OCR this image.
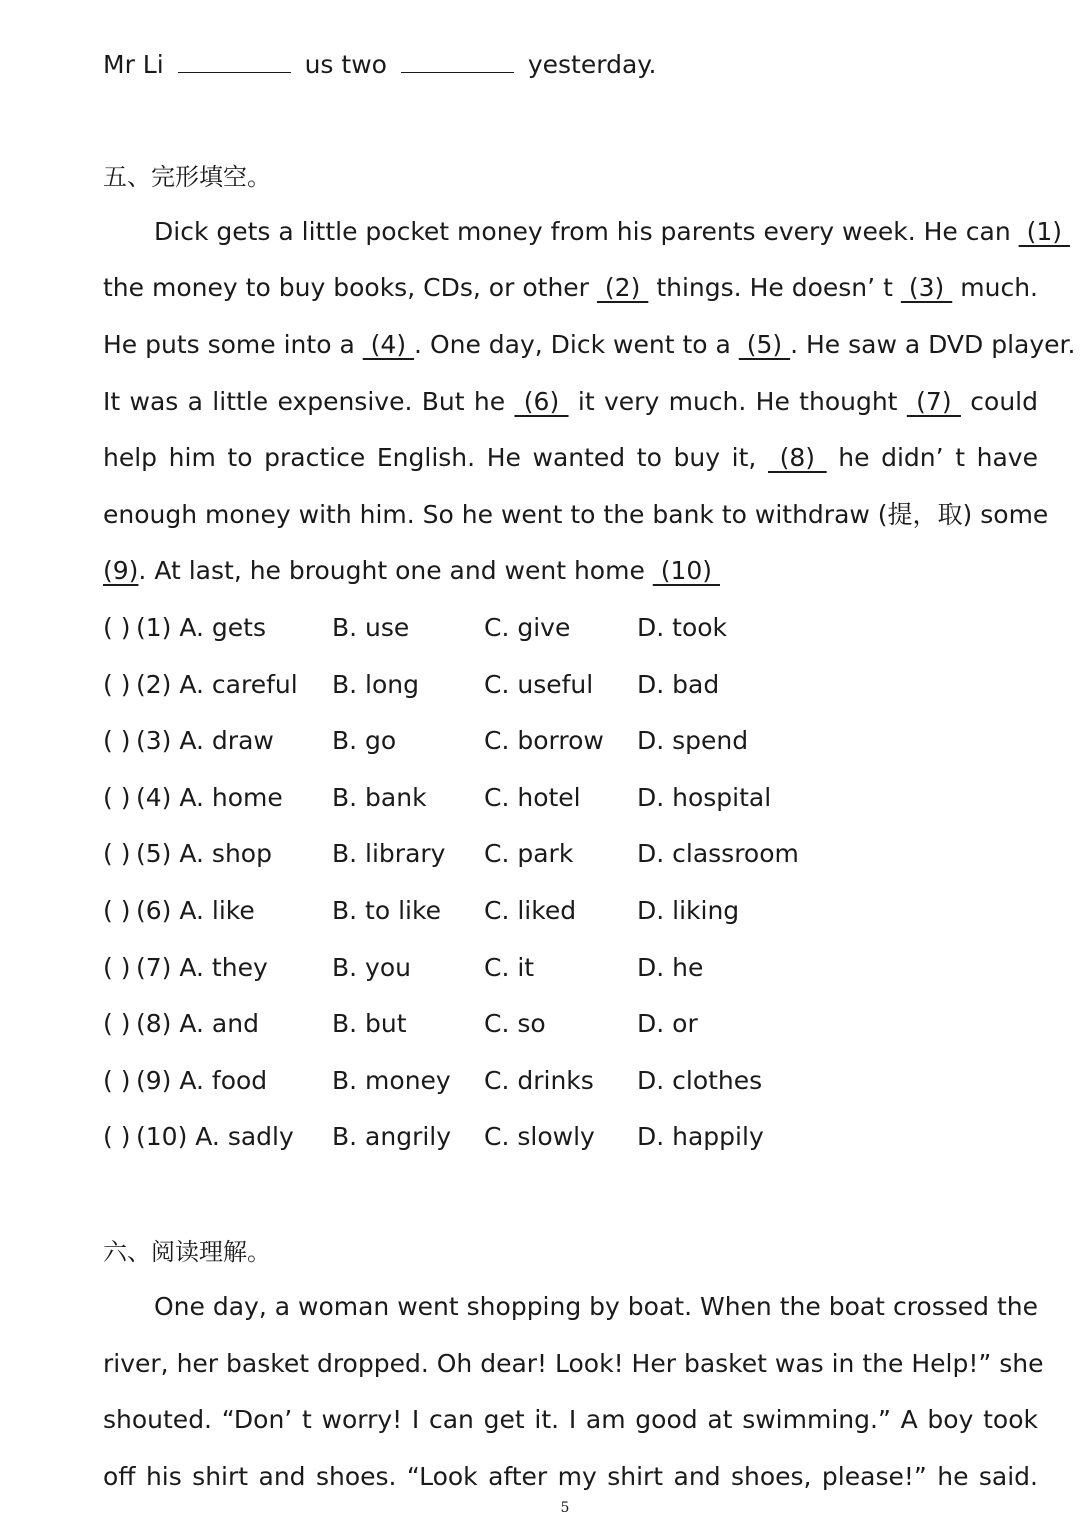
Mr Li	us two	yesterday.
五、完形填空。
Dick gets a little pocket money from his parents every week. He can  (1)
the money to buy books, CDs, or other  (2)  things. He doesn’ t  (3)  much.
He puts some into a  (4) . One day, Dick went to a  (5) . He saw a DVD player.
It was a little expensive. But he  (6)  it very much. He thought  (7)  could
help him to practice English. He wanted to buy it,  (8)  he didn’ t have
enough money with him. So he went to the bank to withdraw (提，取) some
(9). At last, he brought one and went home  (10)
( ) (1) A. gets	B. use	C. give	D. took
( ) (2) A. careful B. long	C. useful D. bad
( ) (3) A. draw B. go	C. borrow D. spend
( ) (4) A. home B. bank C. hotel D. hospital
( ) (5) A. shop B. library C. park	D. classroom
( ) (6) A. like	B. to like C. liked D. liking
( ) (7) A. they	B. you	C. it	D. he
( ) (8) A. and	B. but	C. so	D. or
( ) (9) A. food	B. money C. drinks D. clothes
( ) (10) A. sadly B. angrily C. slowly D. happily
六、阅读理解。
One day, a woman went shopping by boat. When the boat crossed the
river, her basket dropped. Oh dear! Look! Her basket was in the Help!” she
shouted. “Don’ t worry! I can get it. I am good at swimming.” A boy took
off his shirt and shoes. “Look after my shirt and shoes, please!” he said.
5
